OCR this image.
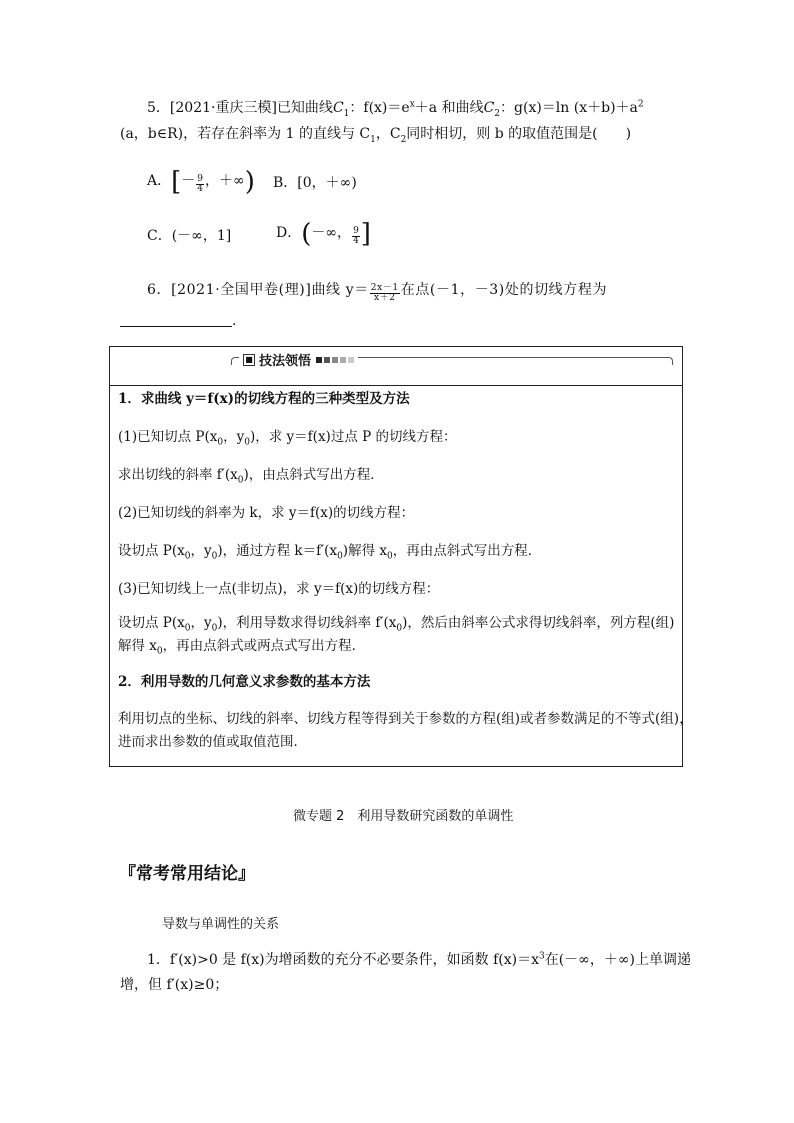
5．[2021·重庆三模]已知曲线$C_1$：$f(x)=e^x+a$ 和曲线$C_2$：g(x)＝ln $(x+b)+a^2$
(a，b∈R)，若存在斜率为 1 的直线与 $C_1$，$C_2$同时相切，则 b 的取值范围是(　　)
A．[－ $\frac{9}{4}$ ，＋∞) B．[0，＋∞)
C．(－∞，1]	D．(－∞， $\frac{9}{4}$ ]
6．[2021·全国甲卷(理)]曲线 $y= \frac{2x-1}{x+2}$ 在点(－1，－3)处的切线方程为
.
■ 技法领悟
1．求曲线 y＝f(x)的切线方程的三种类型及方法
(1)已知切点 $P(x_0$，$y_0$)，求 y＝f(x)过点 P 的切线方程：
求出切线的斜率 $f'(x_0)$，由点斜式写出方程．
(2)已知切线的斜率为 k，求 y＝f(x)的切线方程：
设切点 $P(x_0$，$y_0$)，通过方程 $k=f'(x_0)$解得 $x_0$，再由点斜式写出方程．
(3)已知切线上一点(非切点)，求 y＝f(x)的切线方程：
设切点 $P(x_0$，$y_0$)，利用导数求得切线斜率 $f'(x_0)$，然后由斜率公式求得切线斜率，列方程(组)
解得 $x_0$，再由点斜式或两点式写出方程．
2．利用导数的几何意义求参数的基本方法
利用切点的坐标、切线的斜率、切线方程等得到关于参数的方程(组)或者参数满足的不等式(组)，
进而求出参数的值或取值范围．
微专题 2　利用导数研究函数的单调性
『常考常用结论』
导数与单调性的关系
1．f′(x)>0 是 f(x)为增函数的充分不必要条件，如函数 $f(x)=x^3$在(－∞，＋∞)上单调递
增，但 f′(x)≥0；
